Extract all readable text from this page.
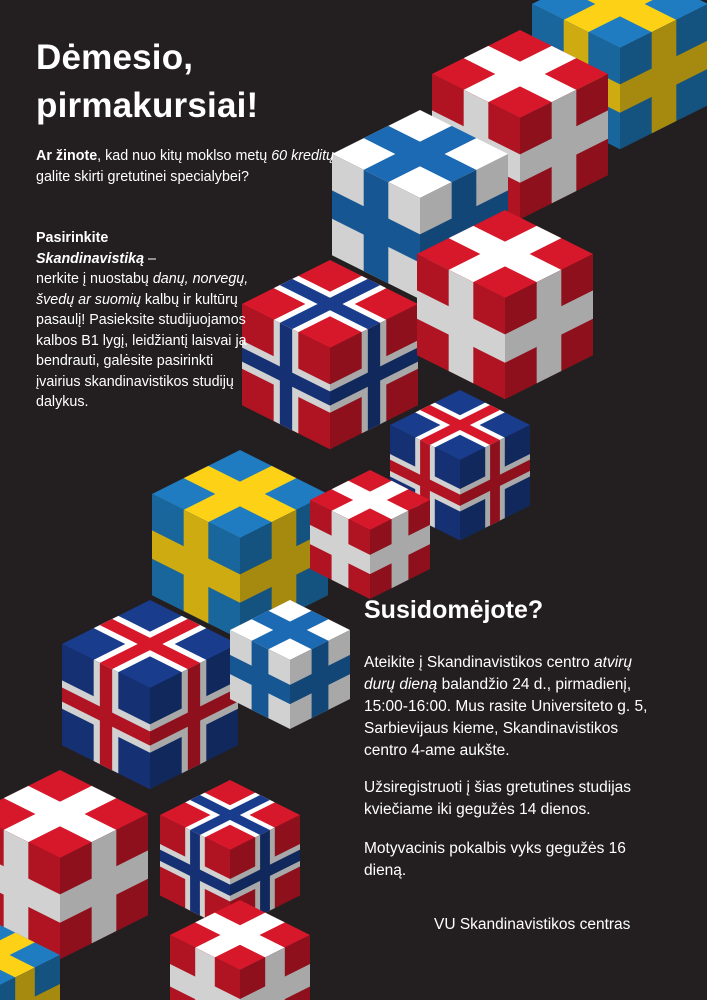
Dėmesio, pirmakursiai!

Ar žinote, kad nuo kitų moklso metų 60 kreditų galite skirti gretutinei specialybei?

Pasirinkite
Skandinavistiką –
nerkite į nuostabų danų, norvegų, švedų ar suomių kalbų ir kultūrų pasaulį! Pasieksite studijuojamos kalbos B1 lygį, leidžiantį laisvai ja bendrauti, galėsite pasirinkti įvairius skandinavistikos studijų dalykus.

Susidomėjote?

Ateikite į Skandinavistikos centro atvirų durų dieną balandžio 24 d., pirmadienį, 15:00-16:00. Mus rasite Universiteto g. 5, Sarbievijaus kieme, Skandinavistikos centro 4-ame aukšte.

Užsiregistruoti į šias gretutines studijas kviečiame iki gegužės 14 dienos.

Motyvacinis pokalbis vyks gegužės 16 dieną.

VU Skandinavistikos centras
